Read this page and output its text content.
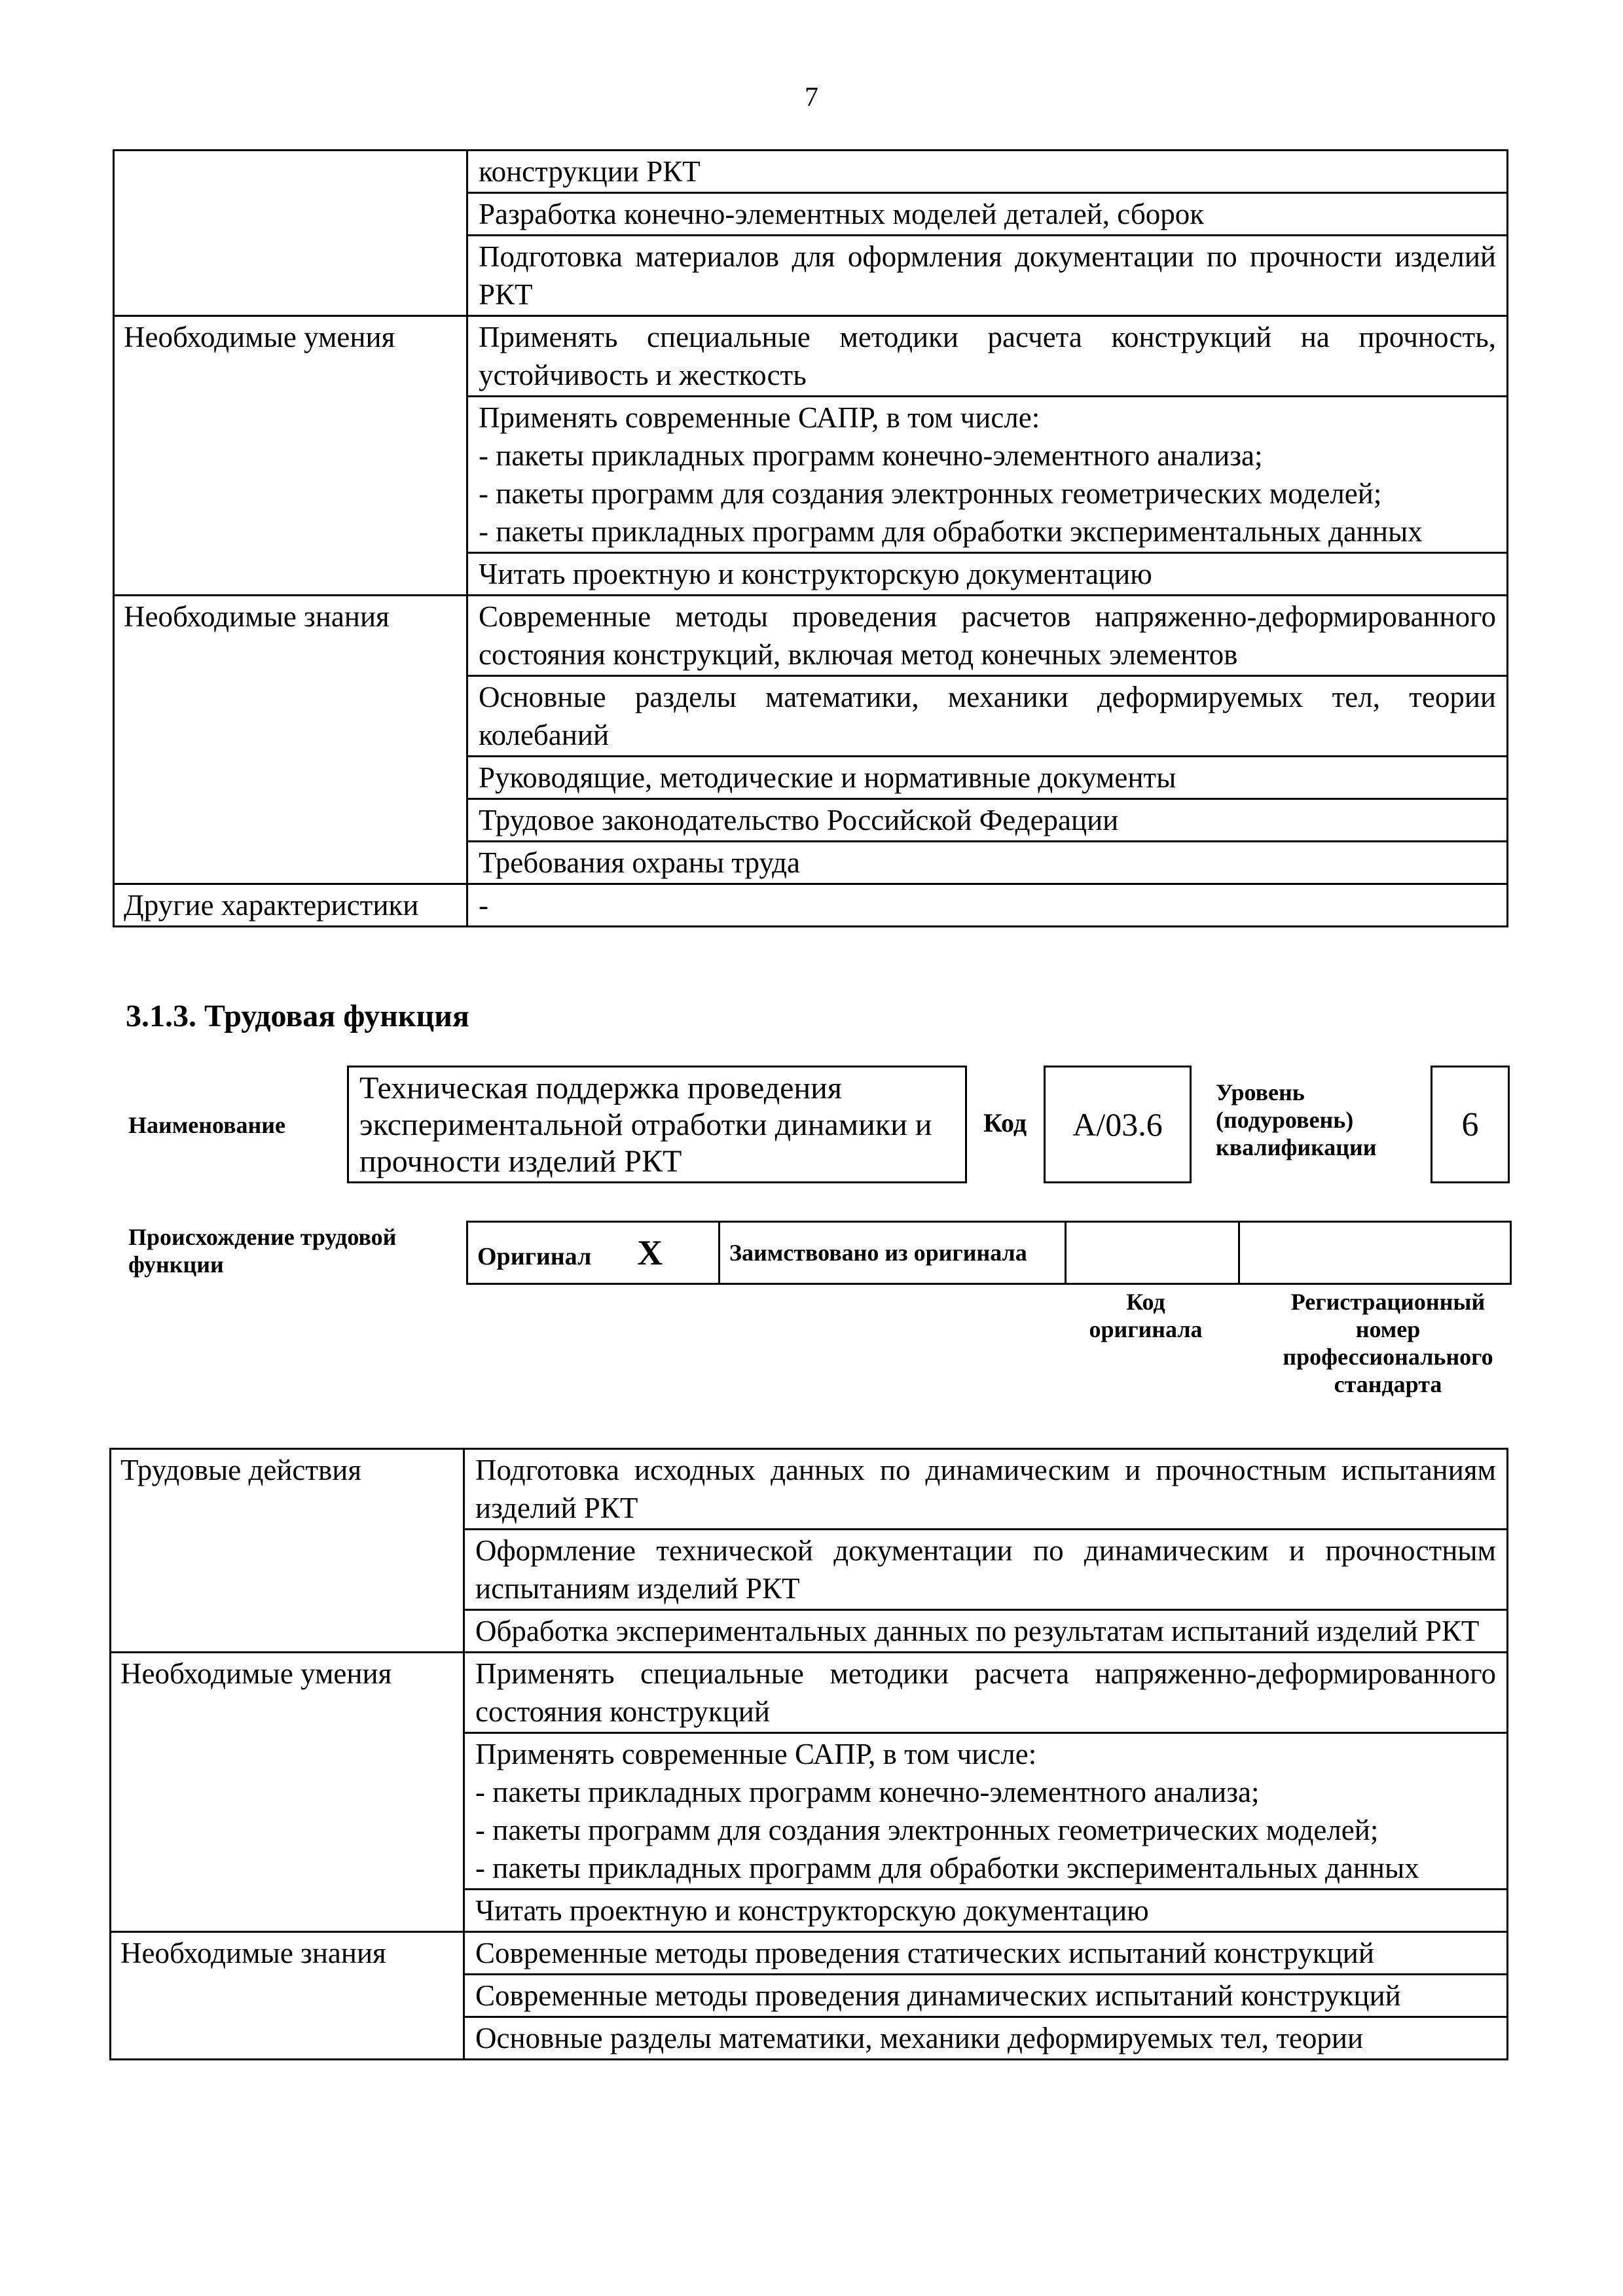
7

	конструкции РКТ

	Разработка конечно-элементных моделей деталей, сборок

	Подготовка материалов для оформления документации по прочности изделий РКТ

Необходимые умения	Применять специальные методики расчета конструкций на прочность, устойчивость и жесткость

	Применять современные САПР, в том числе:
- пакеты прикладных программ конечно-элементного анализа;
- пакеты программ для создания электронных геометрических моделей;
- пакеты прикладных программ для обработки экспериментальных данных

	Читать проектную и конструкторскую документацию

Необходимые знания	Современные методы проведения расчетов напряженно-деформированного состояния конструкций, включая метод конечных элементов

	Основные разделы математики, механики деформируемых тел, теории колебаний

	Руководящие, методические и нормативные документы

	Трудовое законодательство Российской Федерации

	Требования охраны труда

Другие характеристики	-
3.1.3. Трудовая функция
Наименование
Техническая поддержка проведения экспериментальной отработки динамики и прочности изделий РКТ
Код	А/03.6
Уровень
(подуровень)
квалификации
6
Происхождение трудовой функции	Оригинал Х	Заимствовано из оригинала		
Код
оригинала
Регистрационный
номер
профессионального
стандарта
Трудовые действия	Подготовка исходных данных по динамическим и прочностным испытаниям изделий РКТ

	Оформление технической документации по динамическим и прочностным испытаниям изделий РКТ

	Обработка экспериментальных данных по результатам испытаний изделий РКТ

Необходимые умения	Применять специальные методики расчета напряженно-деформированного состояния конструкций

	Применять современные САПР, в том числе:
- пакеты прикладных программ конечно-элементного анализа;
- пакеты программ для создания электронных геометрических моделей;
- пакеты прикладных программ для обработки экспериментальных данных

	Читать проектную и конструкторскую документацию

Необходимые знания	Современные методы проведения статических испытаний конструкций

	Современные методы проведения динамических испытаний конструкций

	Основные разделы математики, механики деформируемых тел, теории
